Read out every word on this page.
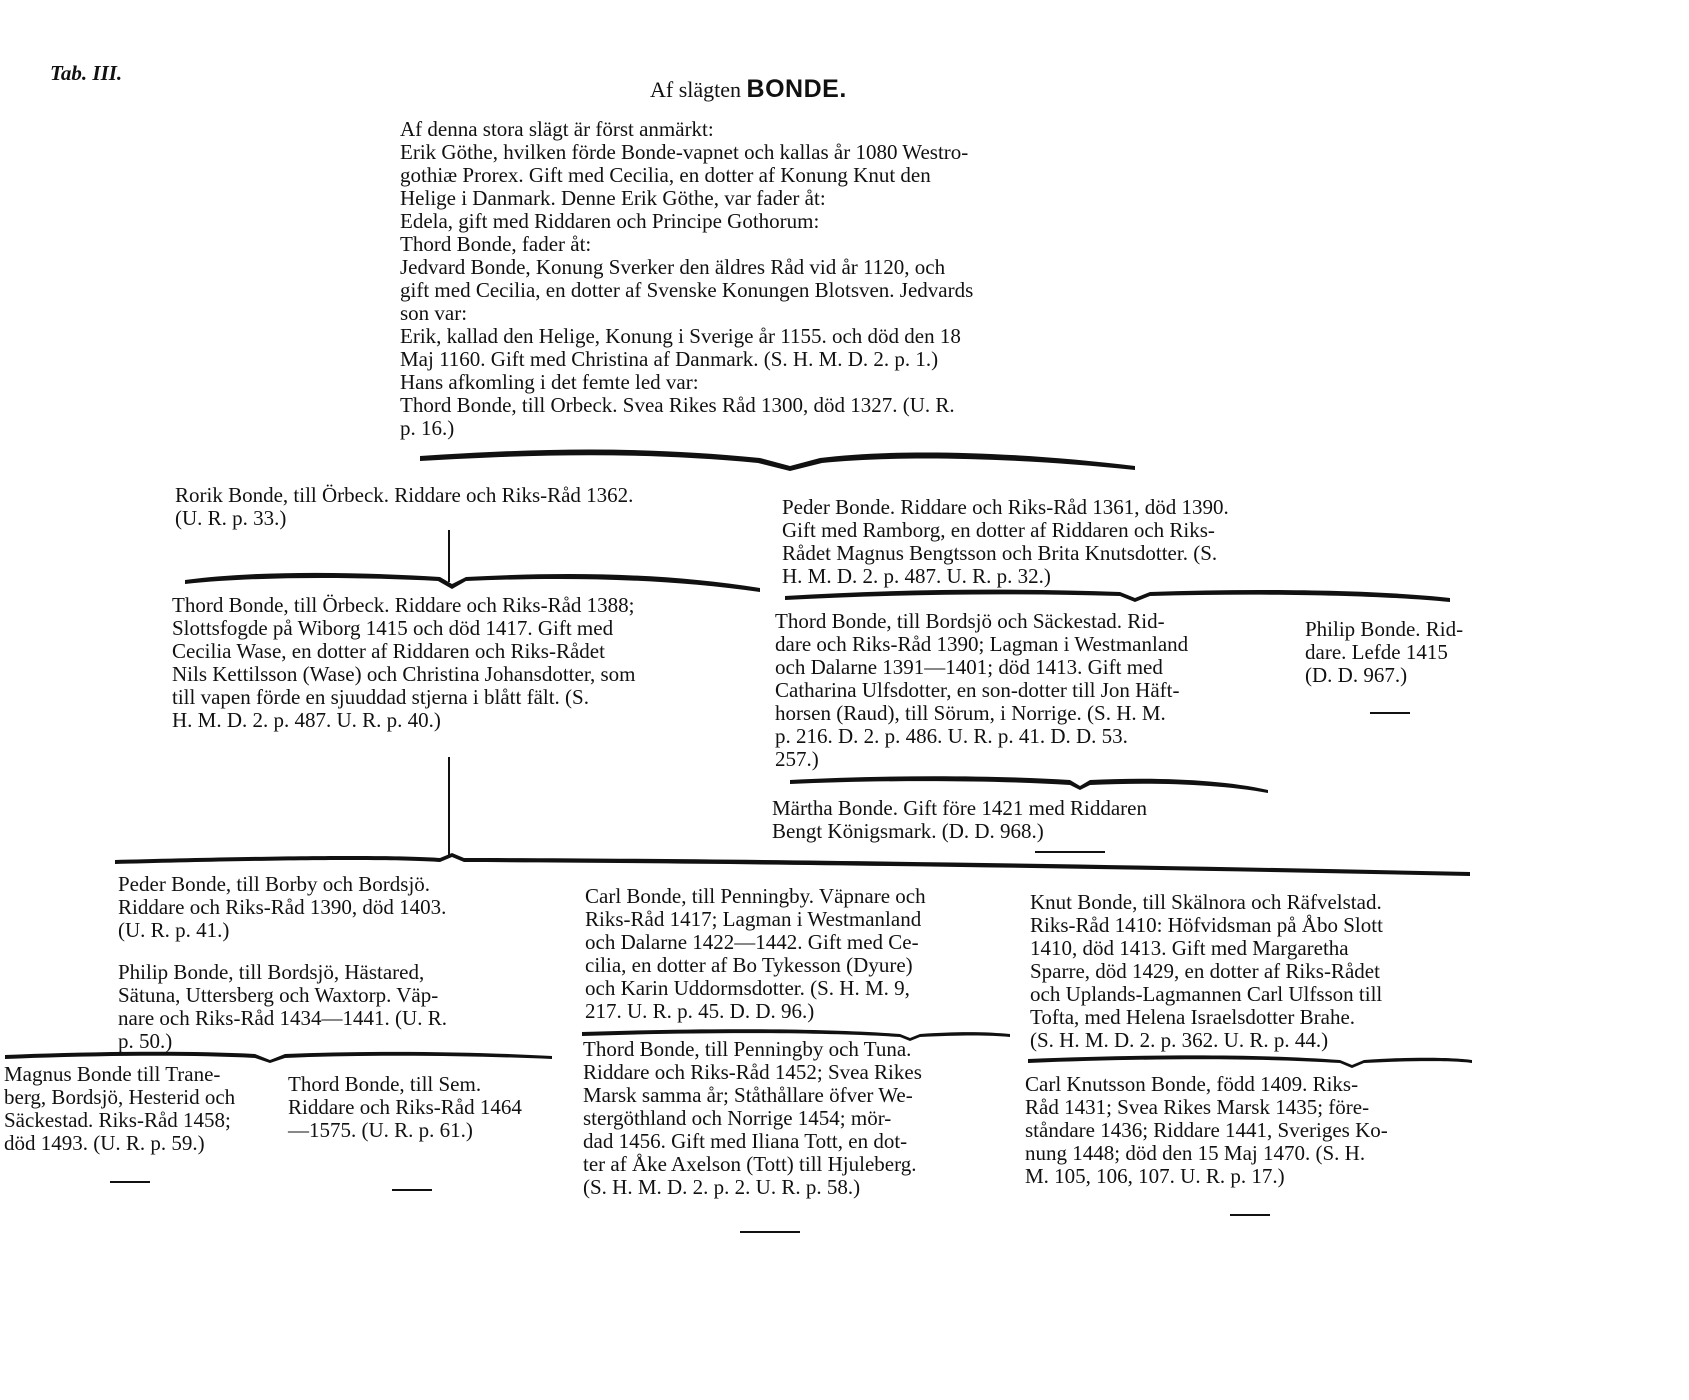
Tab. III.
Af slägten BONDE.

Af denna stora slägt är först anmärkt:

Erik Göthe, hvilken förde Bonde-vapnet och kallas år 1080 Westro-

gothiæ Prorex. Gift med Cecilia, en dotter af Konung Knut den

Helige i Danmark. Denne Erik Göthe, var fader åt:

Edela, gift med Riddaren och Principe Gothorum:

Thord Bonde, fader åt:

Jedvard Bonde, Konung Sverker den äldres Råd vid år 1120, och

gift med Cecilia, en dotter af Svenske Konungen Blotsven. Jedvards

son var:

Erik, kallad den Helige, Konung i Sverige år 1155. och död den 18

Maj 1160. Gift med Christina af Danmark. (S. H. M. D. 2. p. 1.)

Hans afkomling i det femte led var:

Thord Bonde, till Orbeck. Svea Rikes Råd 1300, död 1327. (U. R.

p. 16.)

Rorik Bonde, till Örbeck. Riddare och Riks-Råd 1362.

(U. R. p. 33.)	Peder Bonde. Riddare och Riks-Råd 1361, död 1390.

Gift med Ramborg, en dotter af Riddaren och Riks-

Rådet Magnus Bengtsson och Brita Knutsdotter. (S.

H. M. D. 2. p. 487. U. R. p. 32.)

Thord Bonde, till Örbeck. Riddare och Riks-Råd 1388;

Slottsfogde på Wiborg 1415 och död 1417. Gift med

Cecilia Wase, en dotter af Riddaren och Riks-Rådet

Nils Kettilsson (Wase) och Christina Johansdotter, som

till vapen förde en sjuuddad stjerna i blått fält. (S.

H. M. D. 2. p. 487. U. R. p. 40.)

Thord Bonde, till Bordsjö och Säckestad. Rid-

dare och Riks-Råd 1390; Lagman i Westmanland

och Dalarne 1391—1401; död 1413. Gift med

Catharina Ulfsdotter, en son-dotter till Jon Häft-

horsen (Raud), till Sörum, i Norrige. (S. H. M.

p. 216. D. 2. p. 486. U. R. p. 41. D. D. 53.

257.)

Philip Bonde. Rid-

dare. Lefde 1415

(D. D. 967.)

Märtha Bonde. Gift före 1421 med Riddaren

Bengt Königsmark. (D. D. 968.)

Peder Bonde, till Borby och Bordsjö.

Riddare och Riks-Råd 1390, död 1403.

(U. R. p. 41.)

Philip Bonde, till Bordsjö, Hästared,

Sätuna, Uttersberg och Waxtorp. Väp-

nare och Riks-Råd 1434—1441. (U. R.

p. 50.)

Carl Bonde, till Penningby. Väpnare och

Riks-Råd 1417; Lagman i Westmanland

och Dalarne 1422—1442. Gift med Ce-

cilia, en dotter af Bo Tykesson (Dyure)

och Karin Uddormsdotter. (S. H. M. 9,

217. U. R. p. 45. D. D. 96.)

Knut Bonde, till Skälnora och Räfvelstad.

Riks-Råd 1410: Höfvidsman på Åbo Slott

1410, död 1413. Gift med Margaretha

Sparre, död 1429, en dotter af Riks-Rådet

och Uplands-Lagmannen Carl Ulfsson till

Tofta, med Helena Israelsdotter Brahe.

(S. H. M. D. 2. p. 362. U. R. p. 44.)

Magnus Bonde till Trane-

berg, Bordsjö, Hesterid och

Säckestad. Riks-Råd 1458;

död 1493. (U. R. p. 59.)

Thord Bonde, till Sem.

Riddare och Riks-Råd 1464

—1575. (U. R. p. 61.)

Thord Bonde, till Penningby och Tuna.

Riddare och Riks-Råd 1452; Svea Rikes

Marsk samma år; Ståthållare öfver We-

stergöthland och Norrige 1454; mör-

dad 1456. Gift med Iliana Tott, en dot-

ter af Åke Axelson (Tott) till Hjuleberg.

(S. H. M. D. 2. p. 2. U. R. p. 58.)

Carl Knutsson Bonde, född 1409. Riks-

Råd 1431; Svea Rikes Marsk 1435; före-

ståndare 1436; Riddare 1441, Sveriges Ko-

nung 1448; död den 15 Maj 1470. (S. H.

M. 105, 106, 107. U. R. p. 17.)
